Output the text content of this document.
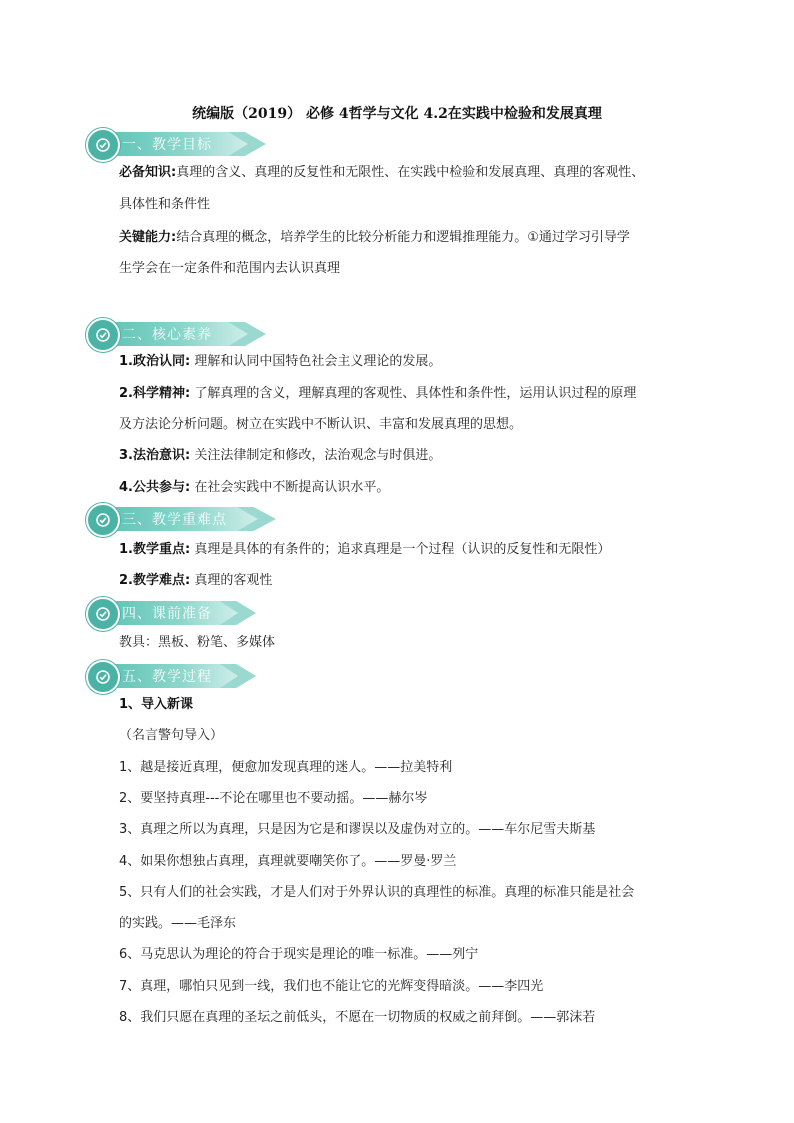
统编版（2019） 必修 4哲学与文化 4.2在实践中检验和发展真理
一、教学目标
必备知识:真理的含义、真理的反复性和无限性、在实践中检验和发展真理、真理的客观性、
具体性和条件性
关键能力:结合真理的概念，培养学生的比较分析能力和逻辑推理能力。①通过学习引导学
生学会在一定条件和范围内去认识真理
二、核心素养
1.政治认同: 理解和认同中国特色社会主义理论的发展。
2.科学精神: 了解真理的含义，理解真理的客观性、具体性和条件性，运用认识过程的原理
及方法论分析问题。树立在实践中不断认识、丰富和发展真理的思想。
3.法治意识: 关注法律制定和修改，法治观念与时俱进。
4.公共参与: 在社会实践中不断提高认识水平。
三、教学重难点
1.教学重点: 真理是具体的有条件的；追求真理是一个过程（认识的反复性和无限性）
2.教学难点: 真理的客观性
四、课前准备
教具：黑板、粉笔、多媒体
五、教学过程
1、导入新课
（名言警句导入）
1、越是接近真理，便愈加发现真理的迷人。——拉美特利
2、要坚持真理---不论在哪里也不要动摇。——赫尔岑
3、真理之所以为真理，只是因为它是和谬误以及虚伪对立的。——车尔尼雪夫斯基
4、如果你想独占真理，真理就要嘲笑你了。——罗曼·罗兰
5、只有人们的社会实践，才是人们对于外界认识的真理性的标准。真理的标准只能是社会
的实践。——毛泽东
6、马克思认为理论的符合于现实是理论的唯一标准。——列宁
7、真理，哪怕只见到一线，我们也不能让它的光辉变得暗淡。——李四光
8、我们只愿在真理的圣坛之前低头，不愿在一切物质的权威之前拜倒。——郭沫若
